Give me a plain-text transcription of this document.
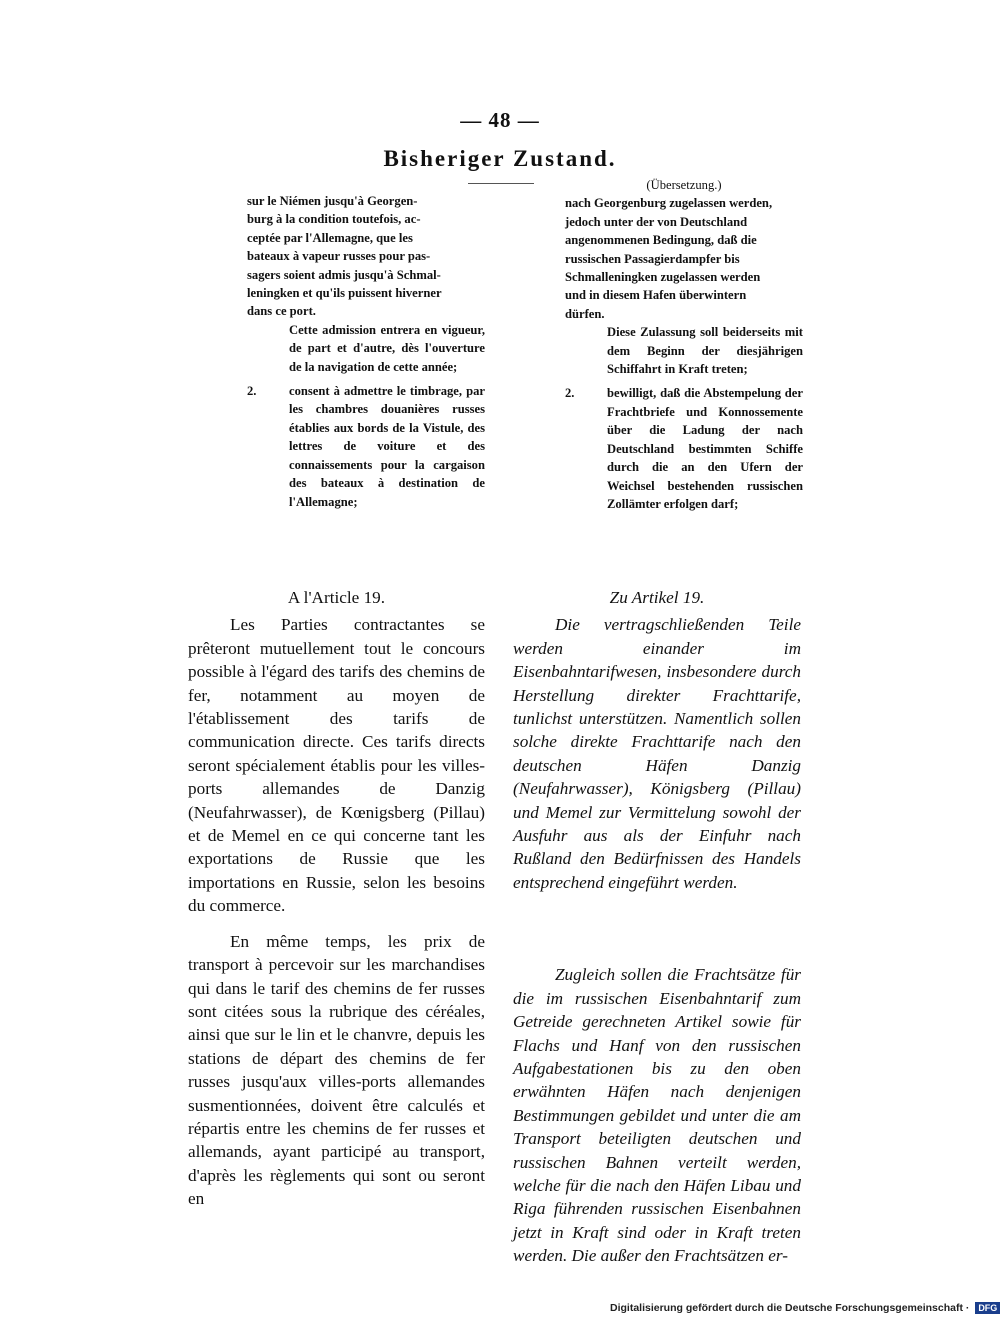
— 48 —
Bisheriger Zustand.
sur le Niémen jusqu'à Georgen-
burg à la condition toutefois, ac-
ceptée par l'Allemagne, que les
bateaux à vapeur russes pour pas-
sagers soient admis jusqu'à Schmal-
leningken et qu'ils puissent hiverner
dans ce port.

Cette admission entrera en vigueur, de part et d'autre, dès l'ouverture de la navigation de cette année;

2.	consent à admettre le timbrage, par les chambres douanières russes établies aux bords de la Vistule, des lettres de voiture et des connaissements pour la cargaison des bateaux à destination de l'Allemagne;
(Übersetzung.)
nach Georgenburg zugelassen werden,
jedoch unter der von Deutschland
angenommenen Bedingung, daß die
russischen Passagierdampfer bis
Schmalleningken zugelassen werden
und in diesem Hafen überwintern
dürfen.

Diese Zulassung soll beiderseits mit dem Beginn der diesjährigen Schiffahrt in Kraft treten;

2.	bewilligt, daß die Abstempelung der Frachtbriefe und Konnossemente über die Ladung der nach Deutschland bestimmten Schiffe durch die an den Ufern der Weichsel bestehenden russischen Zollämter erfolgen darf;
A l'Article 19.

Les Parties contractantes se prêteront mutuellement tout le concours possible à l'égard des tarifs des chemins de fer, notamment au moyen de l'établissement des tarifs de communication directe. Ces tarifs directs seront spécialement établis pour les villes-ports allemandes de Danzig (Neufahrwasser), de Kœnigsberg (Pillau) et de Memel en ce qui concerne tant les exportations de Russie que les importations en Russie, selon les besoins du commerce.

En même temps, les prix de transport à percevoir sur les marchandises qui dans le tarif des chemins de fer russes sont citées sous la rubrique des céréales, ainsi que sur le lin et le chanvre, depuis les stations de départ des chemins de fer russes jusqu'aux villes-ports allemandes susmentionnées, doivent être calculés et répartis entre les chemins de fer russes et allemands, ayant participé au transport, d'après les règlements qui sont ou seront en

Zu Artikel 19.

Die vertragschließenden Teile werden einander im Eisenbahntarifwesen, insbesondere durch Herstellung direkter Frachttarife, tunlichst unterstützen. Namentlich sollen solche direkte Frachttarife nach den deutschen Häfen Danzig (Neufahrwasser), Königsberg (Pillau) und Memel zur Vermittelung sowohl der Ausfuhr aus als der Einfuhr nach Rußland den Bedürfnissen des Handels entsprechend eingeführt werden.

Zugleich sollen die Frachtsätze für die im russischen Eisenbahntarif zum Getreide gerechneten Artikel sowie für Flachs und Hanf von den russischen Aufgabestationen bis zu den oben erwähnten Häfen nach denjenigen Bestimmungen gebildet und unter die am Transport beteiligten deutschen und russischen Bahnen verteilt werden, welche für die nach den Häfen Libau und Riga führenden russischen Eisenbahnen jetzt in Kraft sind oder in Kraft treten werden. Die außer den Frachtsätzen er-

Digitalisierung gefördert durch die Deutsche Forschungsgemeinschaft · DFG
